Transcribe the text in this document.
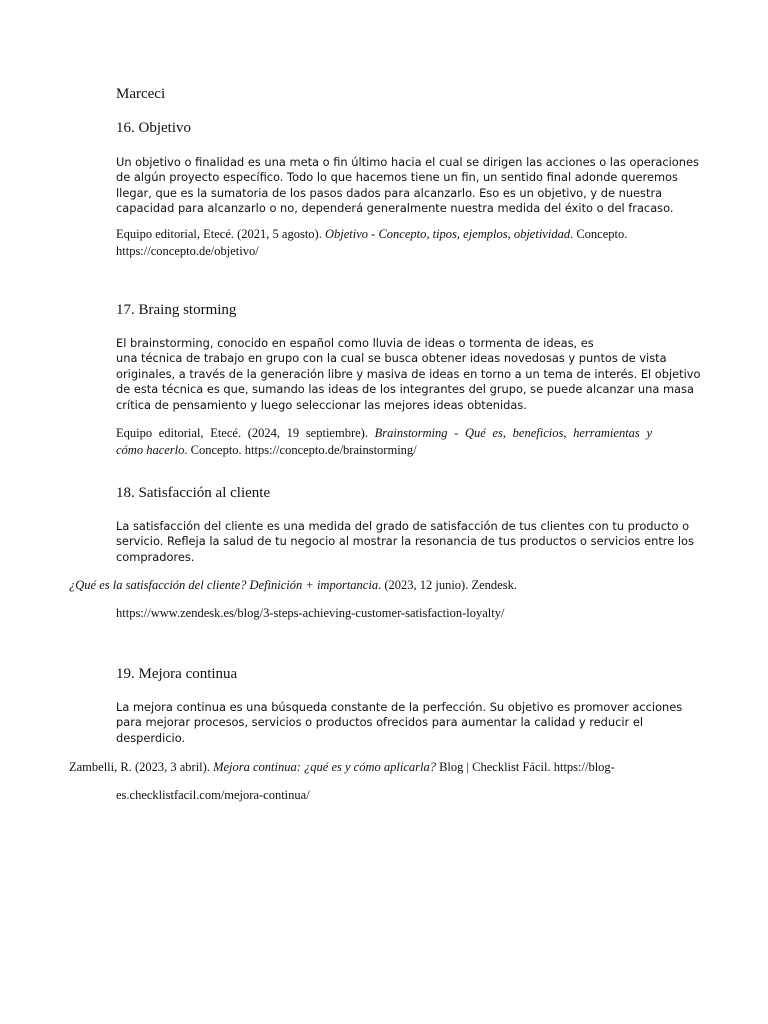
Marceci
16. Objetivo
Un objetivo o finalidad es una meta o fin último hacia el cual se dirigen las acciones o las operaciones
de algún proyecto específico. Todo lo que hacemos tiene un fin, un sentido final adonde queremos
llegar, que es la sumatoria de los pasos dados para alcanzarlo. Eso es un objetivo, y de nuestra
capacidad para alcanzarlo o no, dependerá generalmente nuestra medida del éxito o del fracaso.
Equipo editorial, Etecé. (2021, 5 agosto). Objetivo - Concepto, tipos, ejemplos, objetividad. Concepto.
https://concepto.de/objetivo/
17. Braing storming
El brainstorming, conocido en español como lluvia de ideas o tormenta de ideas, es
una técnica de trabajo en grupo con la cual se busca obtener ideas novedosas y puntos de vista
originales, a través de la generación libre y masiva de ideas en torno a un tema de interés. El objetivo
de esta técnica es que, sumando las ideas de los integrantes del grupo, se puede alcanzar una masa
crítica de pensamiento y luego seleccionar las mejores ideas obtenidas.
Equipo editorial, Etecé. (2024, 19 septiembre). Brainstorming - Qué es, beneficios, herramientas y
cómo hacerlo. Concepto. https://concepto.de/brainstorming/
18. Satisfacción al cliente
La satisfacción del cliente es una medida del grado de satisfacción de tus clientes con tu producto o
servicio. Refleja la salud de tu negocio al mostrar la resonancia de tus productos o servicios entre los
compradores.
¿Qué es la satisfacción del cliente? Definición + importancia. (2023, 12 junio). Zendesk.
https://www.zendesk.es/blog/3-steps-achieving-customer-satisfaction-loyalty/
19. Mejora continua
La mejora continua es una búsqueda constante de la perfección. Su objetivo es promover acciones
para mejorar procesos, servicios o productos ofrecidos para aumentar la calidad y reducir el
desperdicio.
Zambelli, R. (2023, 3 abril). Mejora continua: ¿qué es y cómo aplicarla? Blog | Checklist Fácil. https://blog-
es.checklistfacil.com/mejora-continua/
